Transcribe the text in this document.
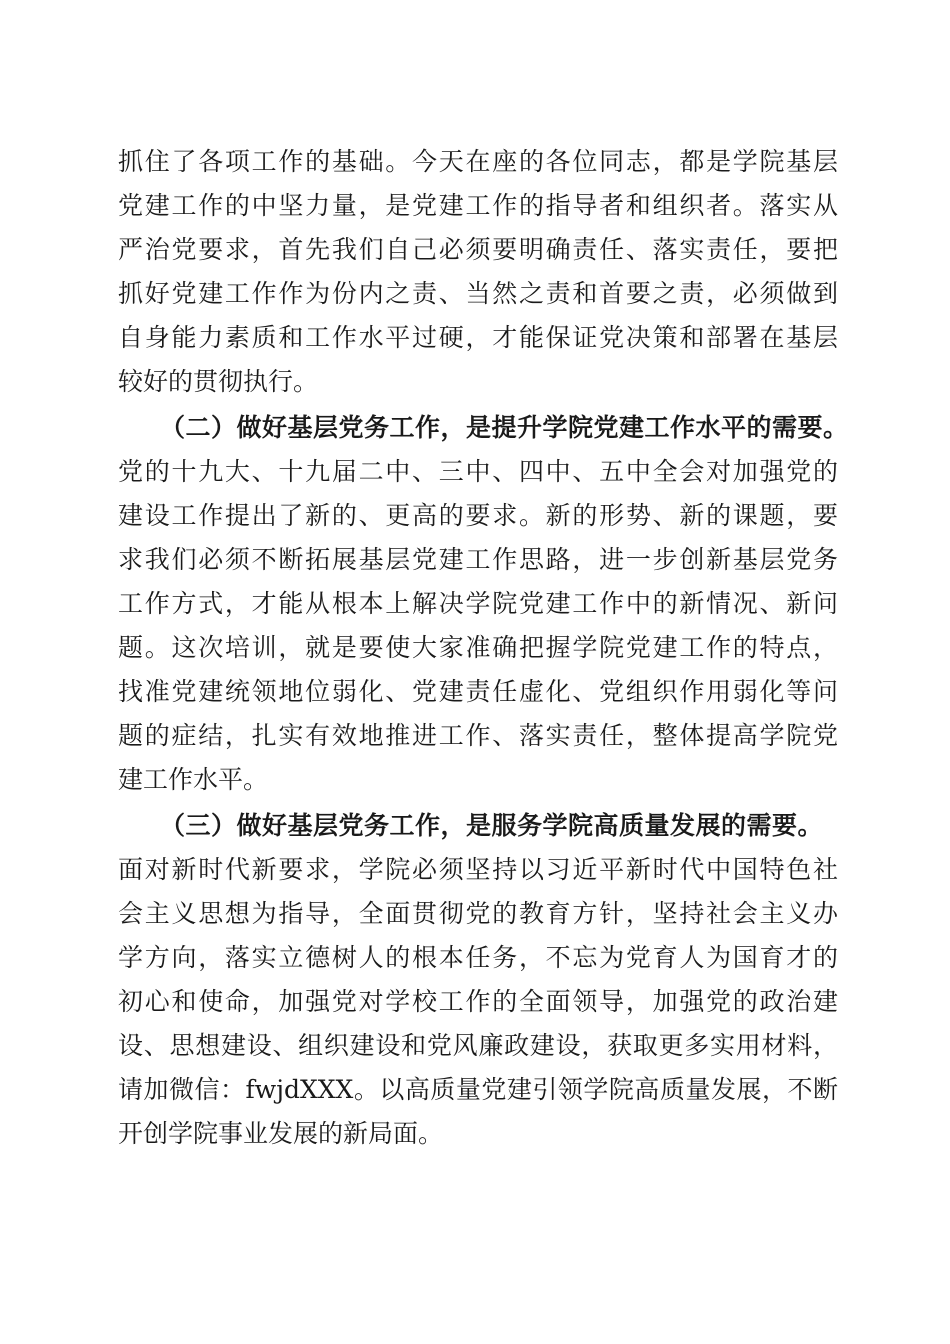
抓住了各项工作的基础。今天在座的各位同志，都是学院基层
党建工作的中坚力量，是党建工作的指导者和组织者。落实从
严治党要求，首先我们自己必须要明确责任、落实责任，要把
抓好党建工作作为份内之责、当然之责和首要之责，必须做到
自身能力素质和工作水平过硬，才能保证党决策和部署在基层
较好的贯彻执行。
（二）做好基层党务工作，是提升学院党建工作水平的需要。
党的十九大、十九届二中、三中、四中、五中全会对加强党的
建设工作提出了新的、更高的要求。新的形势、新的课题，要
求我们必须不断拓展基层党建工作思路，进一步创新基层党务
工作方式，才能从根本上解决学院党建工作中的新情况、新问
题。这次培训，就是要使大家准确把握学院党建工作的特点，
找准党建统领地位弱化、党建责任虚化、党组织作用弱化等问
题的症结，扎实有效地推进工作、落实责任，整体提高学院党
建工作水平。
（三）做好基层党务工作，是服务学院高质量发展的需要。
面对新时代新要求，学院必须坚持以习近平新时代中国特色社
会主义思想为指导，全面贯彻党的教育方针，坚持社会主义办
学方向，落实立德树人的根本任务，不忘为党育人为国育才的
初心和使命，加强党对学校工作的全面领导，加强党的政治建
设、思想建设、组织建设和党风廉政建设，获取更多实用材料，
请加微信：fwjdXXX。以高质量党建引领学院高质量发展，不断
开创学院事业发展的新局面。
